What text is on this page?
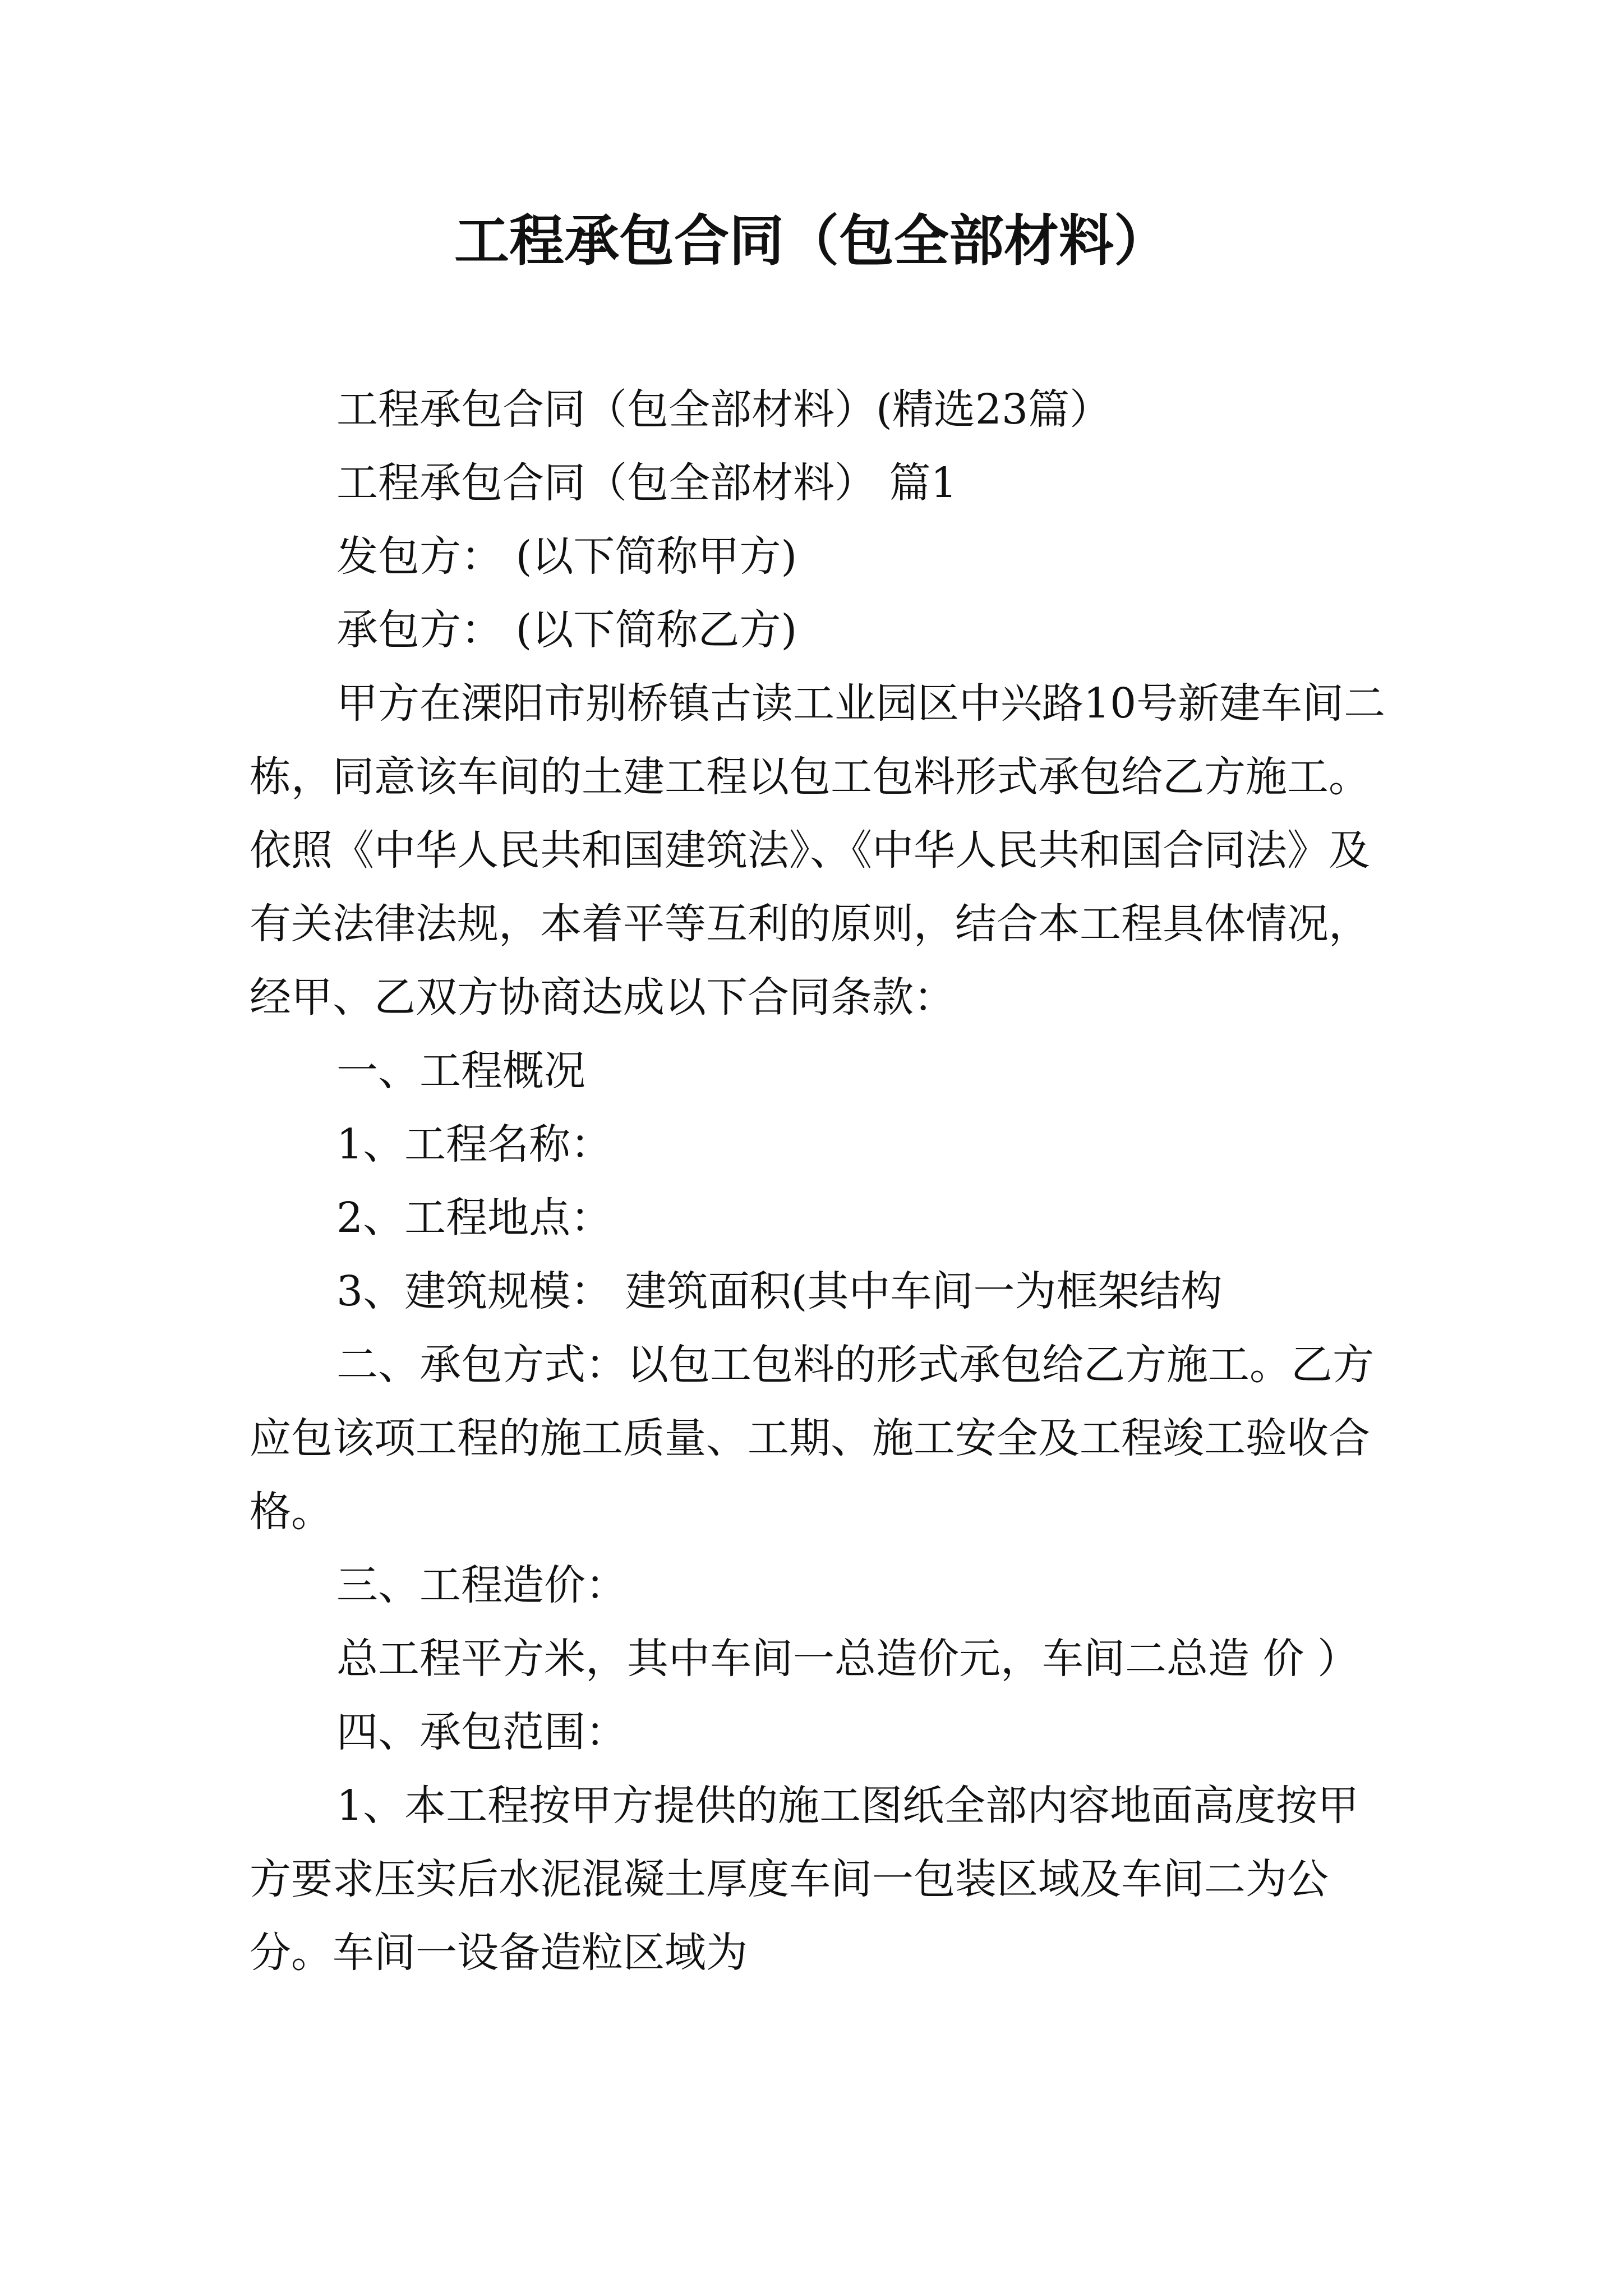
工程承包合同（包全部材料）

工程承包合同（包全部材料）(精选23篇）

工程承包合同（包全部材料） 篇1

发包方： (以下简称甲方)

承包方： (以下简称乙方)

甲方在溧阳市别桥镇古读工业园区中兴路10号新建车间二栋，同意该车间的土建工程以包工包料形式承包给乙方施工。依照《中华人民共和国建筑法》、《中华人民共和国合同法》及有关法律法规，本着平等互利的原则，结合本工程具体情况，经甲、乙双方协商达成以下合同条款：

一、工程概况

1、工程名称：

2、工程地点：

3、建筑规模： 建筑面积(其中车间一为框架结构

二、承包方式：以包工包料的形式承包给乙方施工。乙方应包该项工程的施工质量、工期、施工安全及工程竣工验收合格。

三、工程造价：

总工程平方米，其中车间一总造价元，车间二总造 价 ）

四、承包范围：

1、本工程按甲方提供的施工图纸全部内容地面高度按甲方要求压实后水泥混凝土厚度车间一包装区域及车间二为公分。车间一设备造粒区域为
